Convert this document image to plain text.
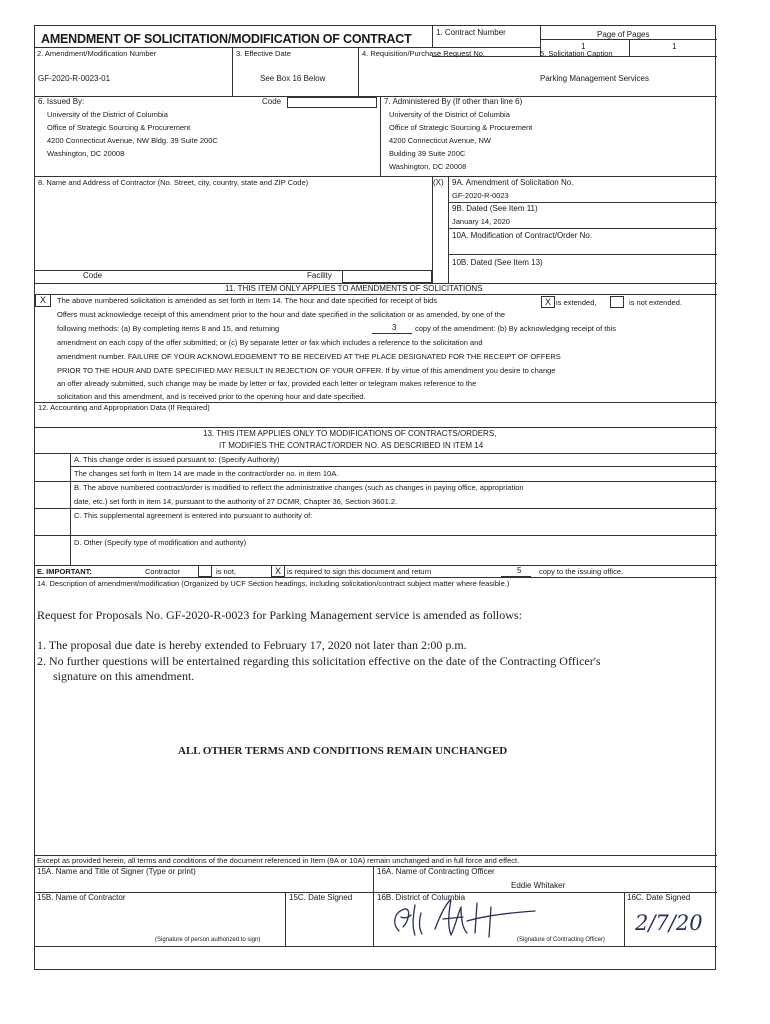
AMENDMENT OF SOLICITATION/MODIFICATION OF CONTRACT	1. Contract Number	Page of Pages
1	1
2. Amendment/Modification Number
GF-2020-R-0023-01
3. Effective Date
See Box 16 Below
4. Requisition/Purchase Request No.	5. Solicitation Caption
Parking Management Services
6. Issued By:	Code
University of the District of Columbia
Office of Strategic Sourcing & Procurement
4200 Connecticut Avenue, NW Bldg. 39 Suite 200C
Washington, DC 20008
7. Administered By (If other than line 6)
University of the District of Columbia
Office of Strategic Sourcing & Procurement
4200 Connecticut Avenue, NW
Building 39 Suite 200C
Washington, DC 20008
8. Name and Address of Contractor (No. Street, city, country, state and ZIP Code)	(X) 9A. Amendment of Solicitation No.
GF-2020-R-0023
9B. Dated (See Item 11)
January 14, 2020
10A. Modification of Contract/Order No.
10B. Dated (See Item 13)
Code	Facility
11. THIS ITEM ONLY APPLIES TO AMENDMENTS OF SOLICITATIONS
X	The above numbered solicitation is amended as set forth in Item 14. The hour and date specified for receipt of bids	X is extended,	is not extended.
Offers must acknowledge receipt of this amendment prior to the hour and date specified in the solicitation or as amended, by one of the
following methods: (a) By completing items 8 and 15, and returning	3 copy of the amendment: (b) By acknowledging receipt of this
amendment on each copy of the offer submitted; or (c) By separate letter or fax which includes a reference to the solicitation and
amendment number. FAILURE OF YOUR ACKNOWLEDGEMENT TO BE RECEIVED AT THE PLACE DESIGNATED FOR THE RECEIPT OF OFFERS
PRIOR TO THE HOUR AND DATE SPECIFIED MAY RESULT IN REJECTION OF YOUR OFFER. If by virtue of this amendment you desire to change
an offer already submitted, such change may be made by letter or fax, provided each letter or telegram makes reference to the
solicitation and this amendment, and is received prior to the opening hour and date specified.
12. Accounting and Appropriation Data (If Required)
13. THIS ITEM APPLIES ONLY TO MODIFICATIONS OF CONTRACTS/ORDERS,
IT MODIFIES THE CONTRACT/ORDER NO. AS DESCRIBED IN ITEM 14
A. This change order is issued pursuant to: (Specify Authority)
The changes set forth in Item 14 are made in the contract/order no. in item 10A.
B. The above numbered contract/order is modified to reflect the administrative changes (such as changes in paying office, appropriation
date, etc.) set forth in item 14, pursuant to the authority of 27 DCMR, Chapter 36, Section 3601.2.
C. This supplemental agreement is entered into pursuant to authority of:
D. Other (Specify type of modification and authority)
E. IMPORTANT:	Contractor	is not,	X is required to sign this document and return	5 copy to the issuing office.
14. Description of amendment/modification (Organized by UCF Section headings, including solicitation/contract subject matter where feasible.)
Request for Proposals No. GF-2020-R-0023 for Parking Management service is amended as follows:
1. The proposal due date is hereby extended to February 17, 2020 not later than 2:00 p.m.
2. No further questions will be entertained regarding this solicitation effective on the date of the Contracting Officer's
signature on this amendment.
ALL OTHER TERMS AND CONDITIONS REMAIN UNCHANGED
Except as provided herein, all terms and conditions of the document referenced in Item (9A or 10A) remain unchanged and in full force and effect.
15A. Name and Title of Signer (Type or print)	16A. Name of Contracting Officer
Eddie Whitaker
15B. Name of Contractor	15C. Date Signed	16B. District of Columbia	16C. Date Signed
(Signature of person authorized to sign)	(Signature of Contracting Officer)
2/7/20
